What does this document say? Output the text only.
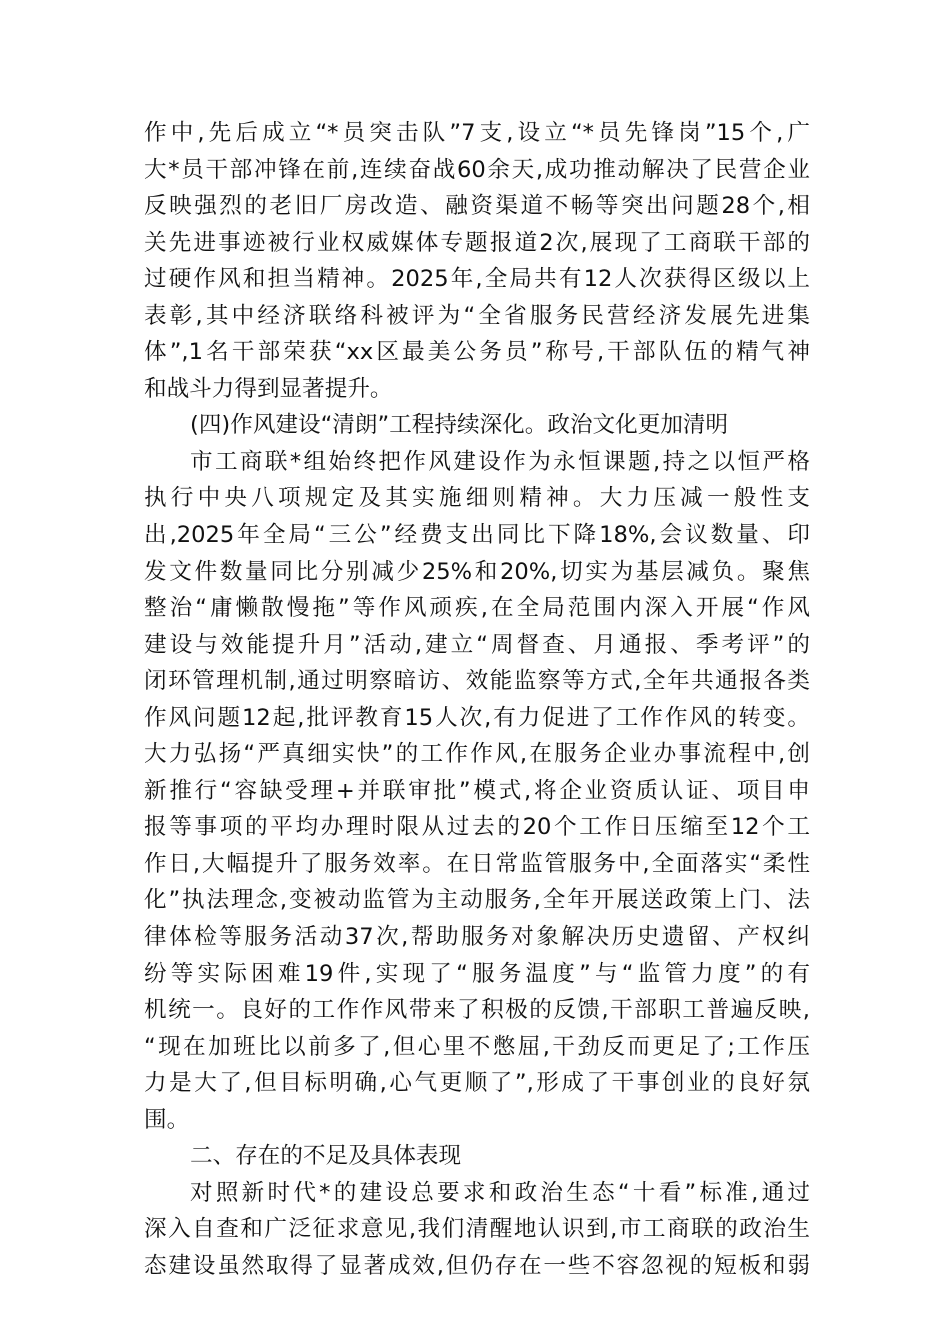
作中,先后成立“*员突击队”7支,设立“*员先锋岗”15个,广
大*员干部冲锋在前,连续奋战60余天,成功推动解决了民营企业
反映强烈的老旧厂房改造、融资渠道不畅等突出问题28个,相
关先进事迹被行业权威媒体专题报道2次,展现了工商联干部的
过硬作风和担当精神。2025年,全局共有12人次获得区级以上
表彰,其中经济联络科被评为“全省服务民营经济发展先进集
体”,1名干部荣获“xx区最美公务员”称号,干部队伍的精气神
和战斗力得到显著提升。
(四)作风建设“清朗”工程持续深化。政治文化更加清明
市工商联*组始终把作风建设作为永恒课题,持之以恒严格
执行中央八项规定及其实施细则精神。大力压减一般性支
出,2025年全局“三公”经费支出同比下降18%,会议数量、印
发文件数量同比分别减少25%和20%,切实为基层减负。聚焦
整治“庸懒散慢拖”等作风顽疾,在全局范围内深入开展“作风
建设与效能提升月”活动,建立“周督查、月通报、季考评”的
闭环管理机制,通过明察暗访、效能监察等方式,全年共通报各类
作风问题12起,批评教育15人次,有力促进了工作作风的转变。
大力弘扬“严真细实快”的工作作风,在服务企业办事流程中,创
新推行“容缺受理+并联审批”模式,将企业资质认证、项目申
报等事项的平均办理时限从过去的20个工作日压缩至12个工
作日,大幅提升了服务效率。在日常监管服务中,全面落实“柔性
化”执法理念,变被动监管为主动服务,全年开展送政策上门、法
律体检等服务活动37次,帮助服务对象解决历史遗留、产权纠
纷等实际困难19件,实现了“服务温度”与“监管力度”的有
机统一。良好的工作作风带来了积极的反馈,干部职工普遍反映,
“现在加班比以前多了,但心里不憋屈,干劲反而更足了;工作压
力是大了,但目标明确,心气更顺了”,形成了干事创业的良好氛
围。
二、存在的不足及具体表现
对照新时代*的建设总要求和政治生态“十看”标准,通过
深入自查和广泛征求意见,我们清醒地认识到,市工商联的政治生
态建设虽然取得了显著成效,但仍存在一些不容忽视的短板和弱
